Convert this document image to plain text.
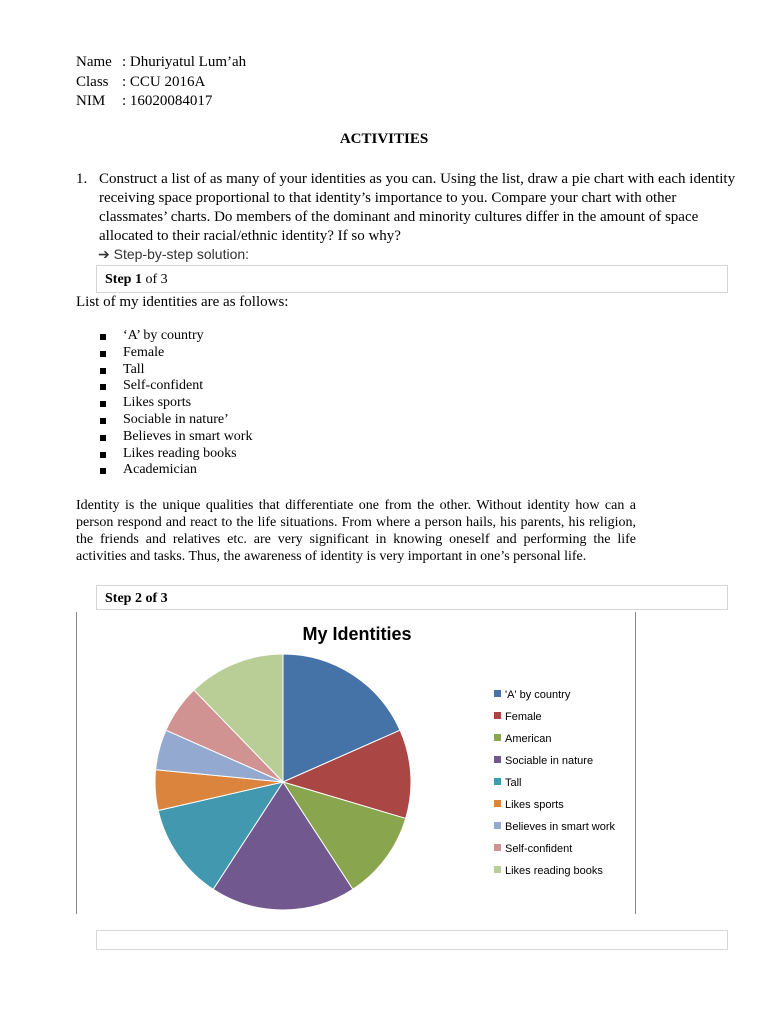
Name : Dhuriyatul Lum’ah
Class : CCU 2016A
NIM : 16020084017
ACTIVITIES
1. Construct a list of as many of your identities as you can. Using the list, draw a pie chart with each identity receiving space proportional to that identity’s importance to you. Compare your chart with other classmates’ charts. Do members of the dominant and minority cultures differ in the amount of space allocated to their racial/ethnic identity? If so why?
➔ Step-by-step solution:
Step 1 of 3
List of my identities are as follows:
‘A’ by country
Female
Tall
Self-confident
Likes sports
Sociable in nature’
Believes in smart work
Likes reading books
Academician
Identity is the unique qualities that differentiate one from the other. Without identity how can a person respond and react to the life situations. From where a person hails, his parents, his religion, the friends and relatives etc. are very significant in knowing oneself and performing the life activities and tasks. Thus, the awareness of identity is very important in one’s personal life.
Step 2 of 3
My Identities
'A' by country
Female
American
Sociable in nature
Tall
Likes sports
Believes in smart work
Self-confident
Likes reading books
